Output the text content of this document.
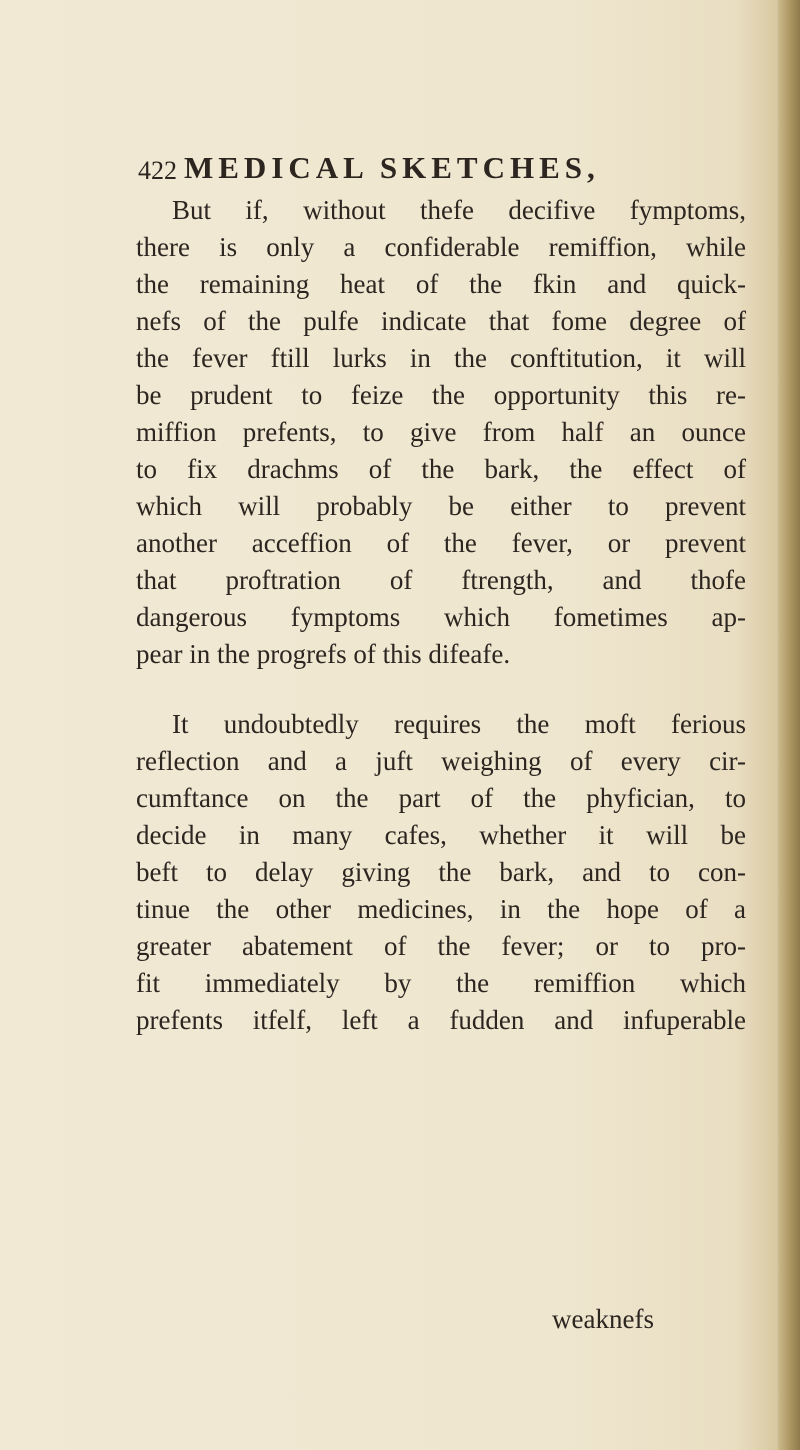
422 MEDICAL SKETCHES,
But if, without thefe decifive fymptoms,
there is only a confiderable remiffion, while
the remaining heat of the fkin and quick-
nefs of the pulfe indicate that fome degree of
the fever ftill lurks in the conftitution, it will
be prudent to feize the opportunity this re-
miffion prefents, to give from half an ounce
to fix drachms of the bark, the effect of
which will probably be either to prevent
another acceffion of the fever, or prevent
that proftration of ftrength, and thofe
dangerous fymptoms which fometimes ap-
pear in the progrefs of this difeafe.
It undoubtedly requires the moft ferious
reflection and a juft weighing of every cir-
cumftance on the part of the phyfician, to
decide in many cafes, whether it will be
beft to delay giving the bark, and to con-
tinue the other medicines, in the hope of a
greater abatement of the fever; or to pro-
fit immediately by the remiffion which
prefents itfelf, left a fudden and infuperable
weaknefs
